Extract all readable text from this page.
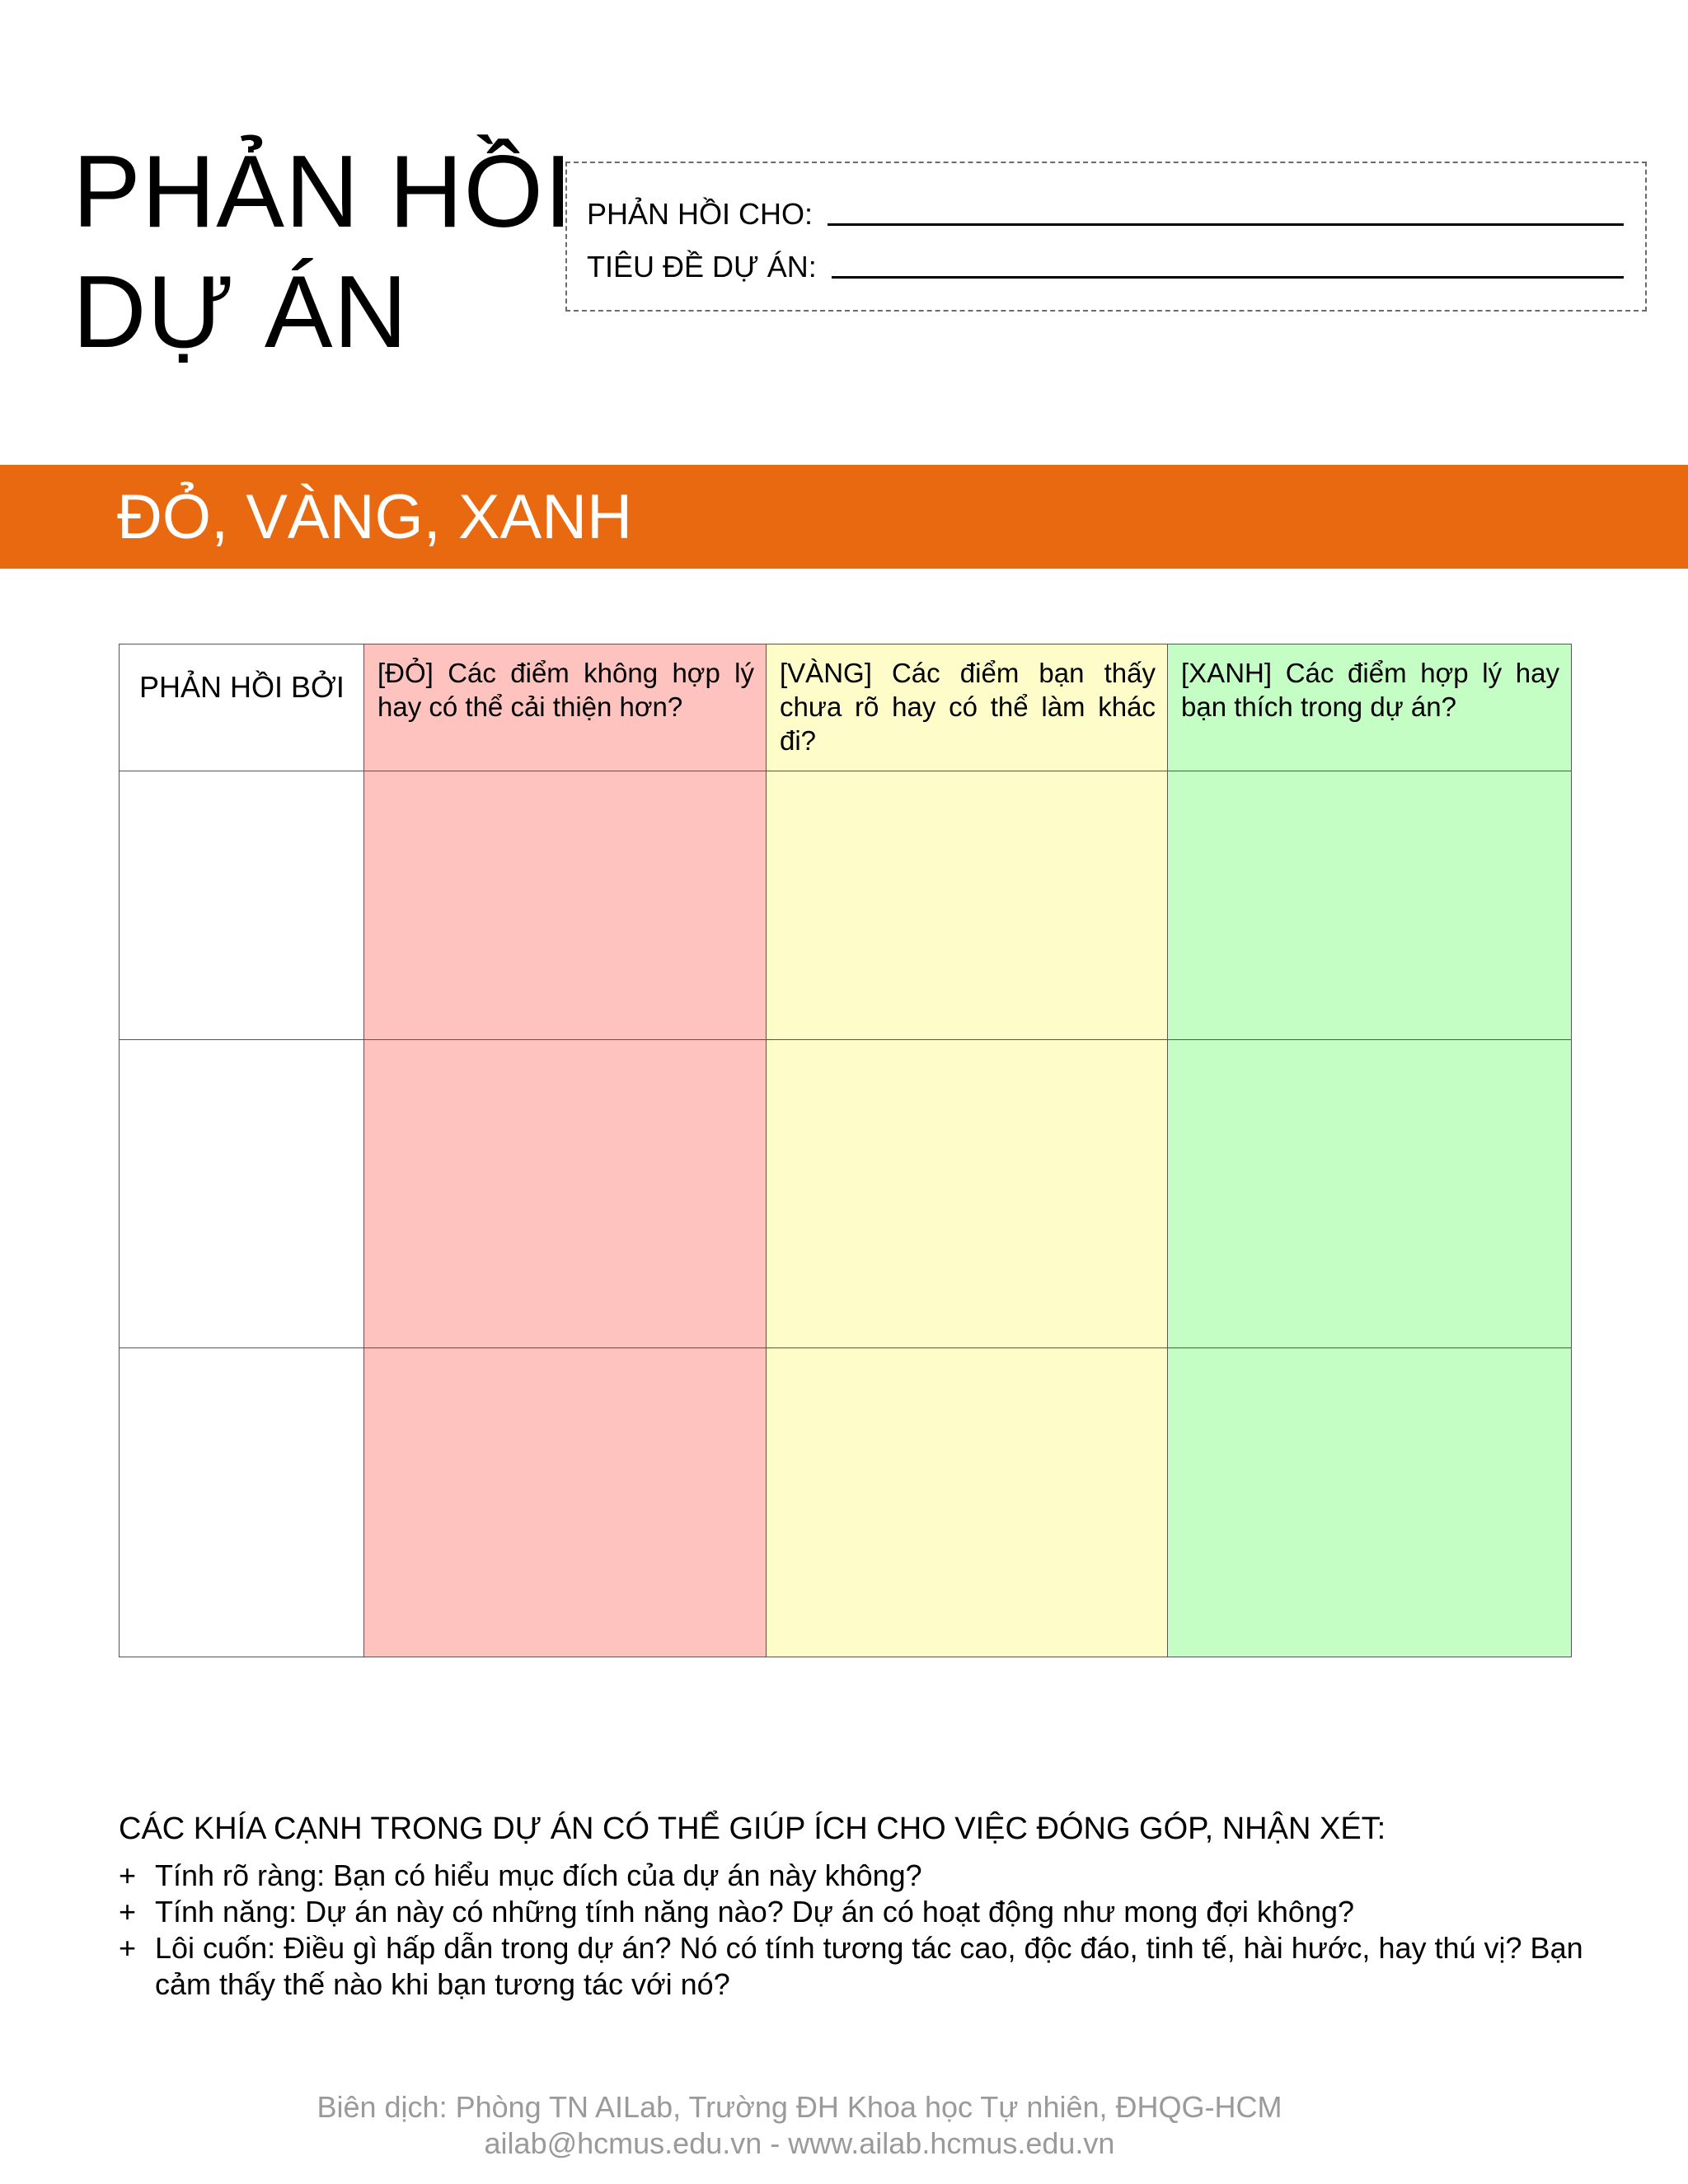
PHẢN HỒI
DỰ ÁN
PHẢN HỒI CHO:
TIÊU ĐỀ DỰ ÁN:
ĐỎ, VÀNG, XANH
PHẢN HỒI BỞI	[ĐỎ] Các điểm không hợp lý hay có thể cải thiện hơn?	[VÀNG] Các điểm bạn thấy chưa rõ hay có thể làm khác đi?	[XANH] Các điểm hợp lý hay bạn thích trong dự án?

CÁC KHÍA CẠNH TRONG DỰ ÁN CÓ THỂ GIÚP ÍCH CHO VIỆC ĐÓNG GÓP, NHẬN XÉT:
+ Tính rõ ràng: Bạn có hiểu mục đích của dự án này không?
+ Tính năng: Dự án này có những tính năng nào? Dự án có hoạt động như mong đợi không?
+ Lôi cuốn: Điều gì hấp dẫn trong dự án? Nó có tính tương tác cao, độc đáo, tinh tế, hài hước, hay thú vị? Bạn cảm thấy thế nào khi bạn tương tác với nó?
Biên dịch: Phòng TN AILab, Trường ĐH Khoa học Tự nhiên, ĐHQG-HCM
ailab@hcmus.edu.vn - www.ailab.hcmus.edu.vn
